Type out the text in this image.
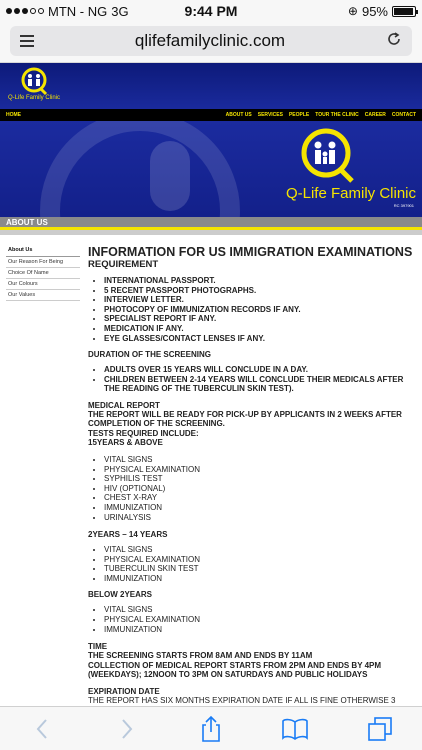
MTN - NG 3G	9:44 PM	⊕ 95%
qlifefamilyclinic.com
Q-Life Family Clinic
HOME	ABOUT US SERVICES PEOPLE TOUR THE CLINIC CAREER CONTACT
Q-Life Family Clinic
RC 397901
ABOUT US
About Us
Our Reason For Being
Choice Of Name
Our Colours
Our Values
INFORMATION FOR US IMMIGRATION EXAMINATIONS
REQUIREMENT
• INTERNATIONAL PASSPORT.
• 5 RECENT PASSPORT PHOTOGRAPHS.
• INTERVIEW LETTER.
• PHOTOCOPY OF IMMUNIZATION RECORDS IF ANY.
• SPECIALIST REPORT IF ANY.
• MEDICATION IF ANY.
• EYE GLASSES/CONTACT LENSES IF ANY.
DURATION OF THE SCREENING
• ADULTS OVER 15 YEARS WILL CONCLUDE IN A DAY.
• CHILDREN BETWEEN 2-14 YEARS WILL CONCLUDE THEIR MEDICALS AFTER THE READING OF THE TUBERCULIN SKIN TEST).
MEDICAL REPORT

THE REPORT WILL BE READY FOR PICK-UP BY APPLICANTS IN 2 WEEKS AFTER COMPLETION OF THE SCREENING.

TESTS REQUIRED INCLUDE:
15YEARS & ABOVE
• VITAL SIGNS
• PHYSICAL EXAMINATION
• SYPHILIS TEST
• HIV (OPTIONAL)
• CHEST X-RAY
• IMMUNIZATION
• URINALYSIS
2YEARS – 14 YEARS
• VITAL SIGNS
• PHYSICAL EXAMINATION
• TUBERCULIN SKIN TEST
• IMMUNIZATION
BELOW 2YEARS
• VITAL SIGNS
• PHYSICAL EXAMINATION
• IMMUNIZATION
TIME

THE SCREENING STARTS FROM 8AM AND ENDS BY 11AM

COLLECTION OF MEDICAL REPORT STARTS FROM 2PM AND ENDS BY 4PM (WEEKDAYS); 12NOON TO 3PM ON SATURDAYS AND PUBLIC HOLIDAYS

EXPIRATION DATE

THE REPORT HAS SIX MONTHS EXPIRATION DATE IF ALL IS FINE OTHERWISE 3
